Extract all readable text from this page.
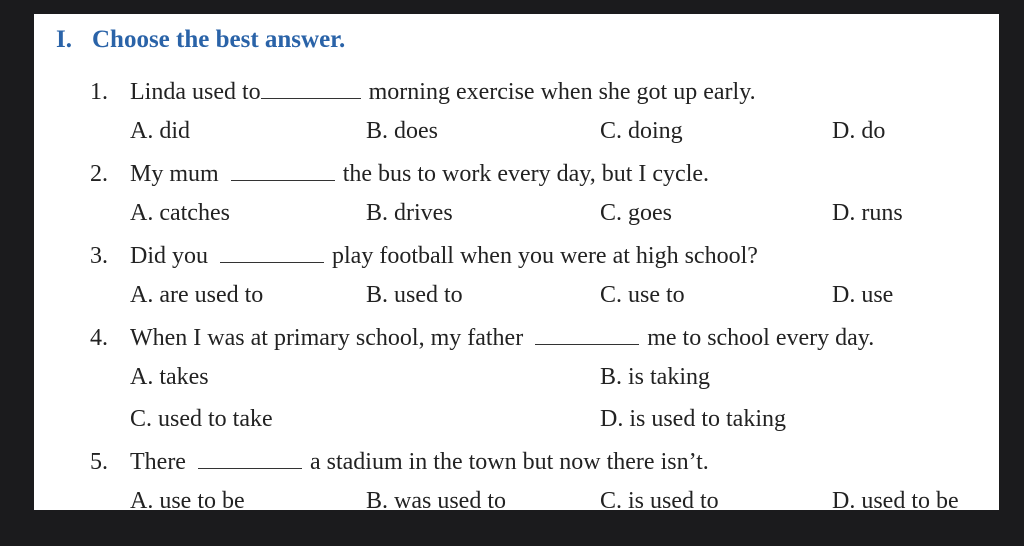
I. Choose the best answer.
1. Linda used to	morning exercise when she got up early.
A. did	B. does	C. doing	D. do
2. My mum	the bus to work every day, but I cycle.
A. catches	B. drives	C. goes	D. runs
3. Did you	play football when you were at high school?
A. are used to	B. used to	C. use to	D. use
4. When I was at primary school, my father	me to school every day.
A. takes	B. is taking
C. used to take	D. is used to taking
5. There	a stadium in the town but now there isn’t.
A. use to be	B. was used to	C. is used to	D. used to be
